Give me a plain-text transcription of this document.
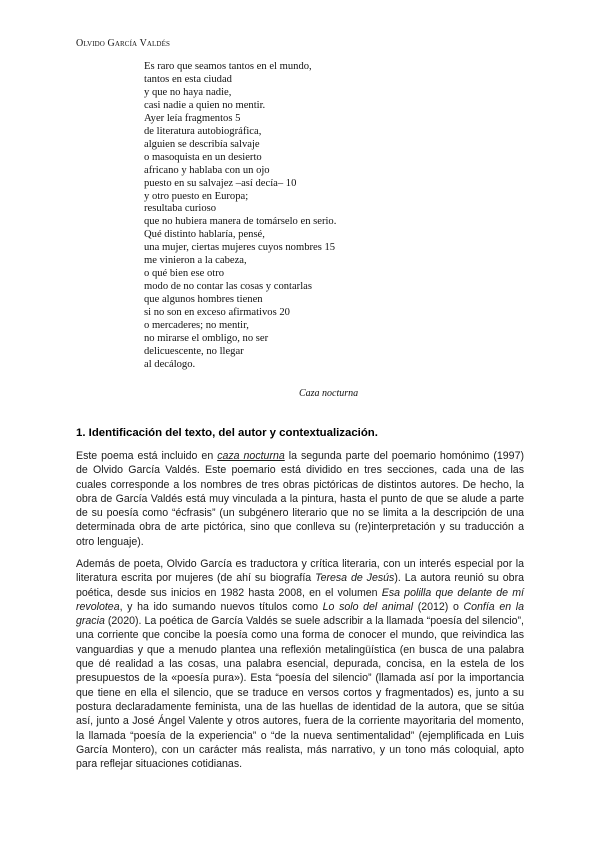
Olvido García Valdés
Es raro que seamos tantos en el mundo,
tantos en esta ciudad
y que no haya nadie,
casi nadie a quien no mentir.
Ayer leía fragmentos 5
de literatura autobiográfica,
alguien se describía salvaje
o masoquista en un desierto
africano y hablaba con un ojo
puesto en su salvajez –así decía– 10
y otro puesto en Europa;
resultaba curioso
que no hubiera manera de tomárselo en serio.
Qué distinto hablaría, pensé,
una mujer, ciertas mujeres cuyos nombres 15
me vinieron a la cabeza,
o qué bien ese otro
modo de no contar las cosas y contarlas
que algunos hombres tienen
si no son en exceso afirmativos 20
o mercaderes; no mentir,
no mirarse el ombligo, no ser
delicuescente, no llegar
al decálogo.
Caza nocturna
1. Identificación del texto, del autor y contextualización.

Este poema está incluido en caza nocturna la segunda parte del poemario homónimo (1997) de Olvido García Valdés. Este poemario está dividido en tres secciones, cada una de las cuales corresponde a los nombres de tres obras pictóricas de distintos autores. De hecho, la obra de García Valdés está muy vinculada a la pintura, hasta el punto de que se alude a parte de su poesía como “écfrasis” (un subgénero literario que no se limita a la descripción de una determinada obra de arte pictórica, sino que conlleva su (re)interpretación y su traducción a otro lenguaje).

Además de poeta, Olvido García es traductora y crítica literaria, con un interés especial por la literatura escrita por mujeres (de ahí su biografía Teresa de Jesús). La autora reunió su obra poética, desde sus inicios en 1982 hasta 2008, en el volumen Esa polilla que delante de mí revolotea, y ha ido sumando nuevos títulos como Lo solo del animal (2012) o Confía en la gracia (2020). La poética de García Valdés se suele adscribir a la llamada “poesía del silencio”, una corriente que concibe la poesía como una forma de conocer el mundo, que reivindica las vanguardias y que a menudo plantea una reflexión metalingüística (en busca de una palabra que dé realidad a las cosas, una palabra esencial, depurada, concisa, en la estela de los presupuestos de la «poesía pura»). Esta “poesía del silencio” (llamada así por la importancia que tiene en ella el silencio, que se traduce en versos cortos y fragmentados) es, junto a su postura declaradamente feminista, una de las huellas de identidad de la autora, que se sitúa así, junto a José Ángel Valente y otros autores, fuera de la corriente mayoritaria del momento, la llamada “poesía de la experiencia” o “de la nueva sentimentalidad” (ejemplificada en Luis García Montero), con un carácter más realista, más narrativo, y un tono más coloquial, apto para reflejar situaciones cotidianas.
